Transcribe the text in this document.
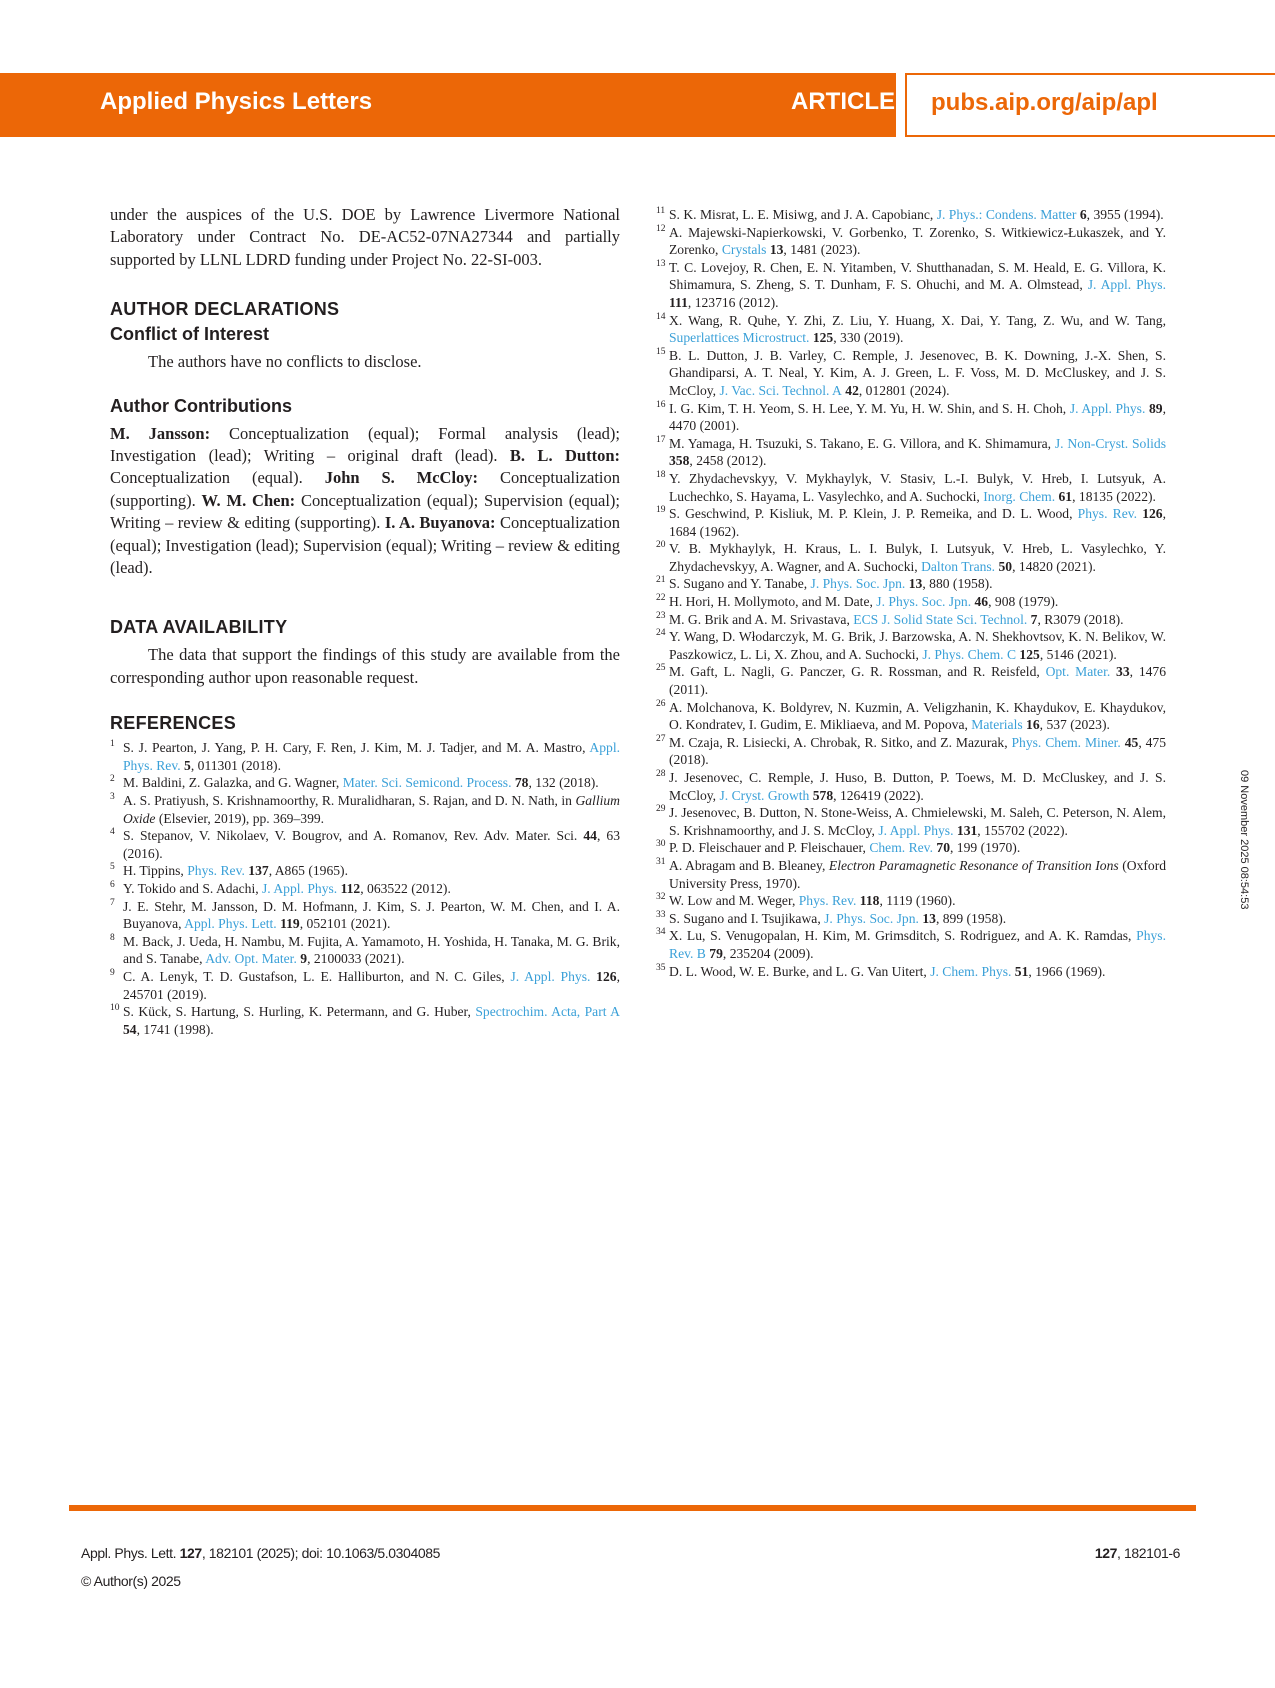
Applied Physics Letters	ARTICLE pubs.aip.org/aip/apl

under the auspices of the U.S. DOE by Lawrence Livermore National Laboratory under Contract No. DE-AC52-07NA27344 and partially supported by LLNL LDRD funding under Project No. 22-SI-003.

AUTHOR DECLARATIONS
Conflict of Interest

The authors have no conflicts to disclose.

Author Contributions

M. Jansson: Conceptualization (equal); Formal analysis (lead); Investigation (lead); Writing – original draft (lead). B. L. Dutton: Conceptualization (equal). John S. McCloy: Conceptualization (supporting). W. M. Chen: Conceptualization (equal); Supervision (equal); Writing – review & editing (supporting). I. A. Buyanova: Conceptualization (equal); Investigation (lead); Supervision (equal); Writing – review & editing (lead).

DATA AVAILABILITY

The data that support the findings of this study are available from the corresponding author upon reasonable request.

REFERENCES
$^1$ S. J. Pearton, J. Yang, P. H. Cary, F. Ren, J. Kim, M. J. Tadjer, and M. A. Mastro, Appl. Phys. Rev. 5, 011301 (2018).
$^2$ M. Baldini, Z. Galazka, and G. Wagner, Mater. Sci. Semicond. Process. 78, 132 (2018).
$^3$ A. S. Pratiyush, S. Krishnamoorthy, R. Muralidharan, S. Rajan, and D. N. Nath, in Gallium Oxide (Elsevier, 2019), pp. 369–399.
$^4$ S. Stepanov, V. Nikolaev, V. Bougrov, and A. Romanov, Rev. Adv. Mater. Sci. 44, 63 (2016).
$^5$ H. Tippins, Phys. Rev. 137, A865 (1965).
$^6$ Y. Tokido and S. Adachi, J. Appl. Phys. 112, 063522 (2012).
$^7$ J. E. Stehr, M. Jansson, D. M. Hofmann, J. Kim, S. J. Pearton, W. M. Chen, and I. A. Buyanova, Appl. Phys. Lett. 119, 052101 (2021).
$^8$ M. Back, J. Ueda, H. Nambu, M. Fujita, A. Yamamoto, H. Yoshida, H. Tanaka, M. G. Brik, and S. Tanabe, Adv. Opt. Mater. 9, 2100033 (2021).
$^9$ C. A. Lenyk, T. D. Gustafson, L. E. Halliburton, and N. C. Giles, J. Appl. Phys. 126, 245701 (2019).
$^{10}$ S. Kück, S. Hartung, S. Hurling, K. Petermann, and G. Huber, Spectrochim. Acta, Part A 54, 1741 (1998).
$^{11}$ S. K. Misrat, L. E. Misiwg, and J. A. Capobianc, J. Phys.: Condens. Matter 6, 3955 (1994).
$^{12}$ A. Majewski-Napierkowski, V. Gorbenko, T. Zorenko, S. Witkiewicz-Łukaszek, and Y. Zorenko, Crystals 13, 1481 (2023).
$^{13}$ T. C. Lovejoy, R. Chen, E. N. Yitamben, V. Shutthanadan, S. M. Heald, E. G. Villora, K. Shimamura, S. Zheng, S. T. Dunham, F. S. Ohuchi, and M. A. Olmstead, J. Appl. Phys. 111, 123716 (2012).
$^{14}$ X. Wang, R. Quhe, Y. Zhi, Z. Liu, Y. Huang, X. Dai, Y. Tang, Z. Wu, and W. Tang, Superlattices Microstruct. 125, 330 (2019).
$^{15}$ B. L. Dutton, J. B. Varley, C. Remple, J. Jesenovec, B. K. Downing, J.-X. Shen, S. Ghandiparsi, A. T. Neal, Y. Kim, A. J. Green, L. F. Voss, M. D. McCluskey, and J. S. McCloy, J. Vac. Sci. Technol. A 42, 012801 (2024).
$^{16}$ I. G. Kim, T. H. Yeom, S. H. Lee, Y. M. Yu, H. W. Shin, and S. H. Choh, J. Appl. Phys. 89, 4470 (2001).
$^{17}$ M. Yamaga, H. Tsuzuki, S. Takano, E. G. Villora, and K. Shimamura, J. Non-Cryst. Solids 358, 2458 (2012).
$^{18}$ Y. Zhydachevskyy, V. Mykhaylyk, V. Stasiv, L.-I. Bulyk, V. Hreb, I. Lutsyuk, A. Luchechko, S. Hayama, L. Vasylechko, and A. Suchocki, Inorg. Chem. 61, 18135 (2022).
$^{19}$ S. Geschwind, P. Kisliuk, M. P. Klein, J. P. Remeika, and D. L. Wood, Phys. Rev. 126, 1684 (1962).
$^{20}$ V. B. Mykhaylyk, H. Kraus, L. I. Bulyk, I. Lutsyuk, V. Hreb, L. Vasylechko, Y. Zhydachevskyy, A. Wagner, and A. Suchocki, Dalton Trans. 50, 14820 (2021).
$^{21}$ S. Sugano and Y. Tanabe, J. Phys. Soc. Jpn. 13, 880 (1958).
$^{22}$ H. Hori, H. Mollymoto, and M. Date, J. Phys. Soc. Jpn. 46, 908 (1979).
$^{23}$ M. G. Brik and A. M. Srivastava, ECS J. Solid State Sci. Technol. 7, R3079 (2018).
$^{24}$ Y. Wang, D. Włodarczyk, M. G. Brik, J. Barzowska, A. N. Shekhovtsov, K. N. Belikov, W. Paszkowicz, L. Li, X. Zhou, and A. Suchocki, J. Phys. Chem. C 125, 5146 (2021).
$^{25}$ M. Gaft, L. Nagli, G. Panczer, G. R. Rossman, and R. Reisfeld, Opt. Mater. 33, 1476 (2011).
$^{26}$ A. Molchanova, K. Boldyrev, N. Kuzmin, A. Veligzhanin, K. Khaydukov, E. Khaydukov, O. Kondratev, I. Gudim, E. Mikliaeva, and M. Popova, Materials 16, 537 (2023).
$^{27}$ M. Czaja, R. Lisiecki, A. Chrobak, R. Sitko, and Z. Mazurak, Phys. Chem. Miner. 45, 475 (2018).
$^{28}$ J. Jesenovec, C. Remple, J. Huso, B. Dutton, P. Toews, M. D. McCluskey, and J. S. McCloy, J. Cryst. Growth 578, 126419 (2022).
$^{29}$ J. Jesenovec, B. Dutton, N. Stone-Weiss, A. Chmielewski, M. Saleh, C. Peterson, N. Alem, S. Krishnamoorthy, and J. S. McCloy, J. Appl. Phys. 131, 155702 (2022).
$^{30}$ P. D. Fleischauer and P. Fleischauer, Chem. Rev. 70, 199 (1970).
$^{31}$ A. Abragam and B. Bleaney, Electron Paramagnetic Resonance of Transition Ions (Oxford University Press, 1970).
$^{32}$ W. Low and M. Weger, Phys. Rev. 118, 1119 (1960).
$^{33}$ S. Sugano and I. Tsujikawa, J. Phys. Soc. Jpn. 13, 899 (1958).
$^{34}$ X. Lu, S. Venugopalan, H. Kim, M. Grimsditch, S. Rodriguez, and A. K. Ramdas, Phys. Rev. B 79, 235204 (2009).
$^{35}$ D. L. Wood, W. E. Burke, and L. G. Van Uitert, J. Chem. Phys. 51, 1966 (1969).
09 November 2025 08:54:53
Appl. Phys. Lett. 127, 182101 (2025); doi: 10.1063/5.0304085
© Author(s) 2025
127, 182101-6
